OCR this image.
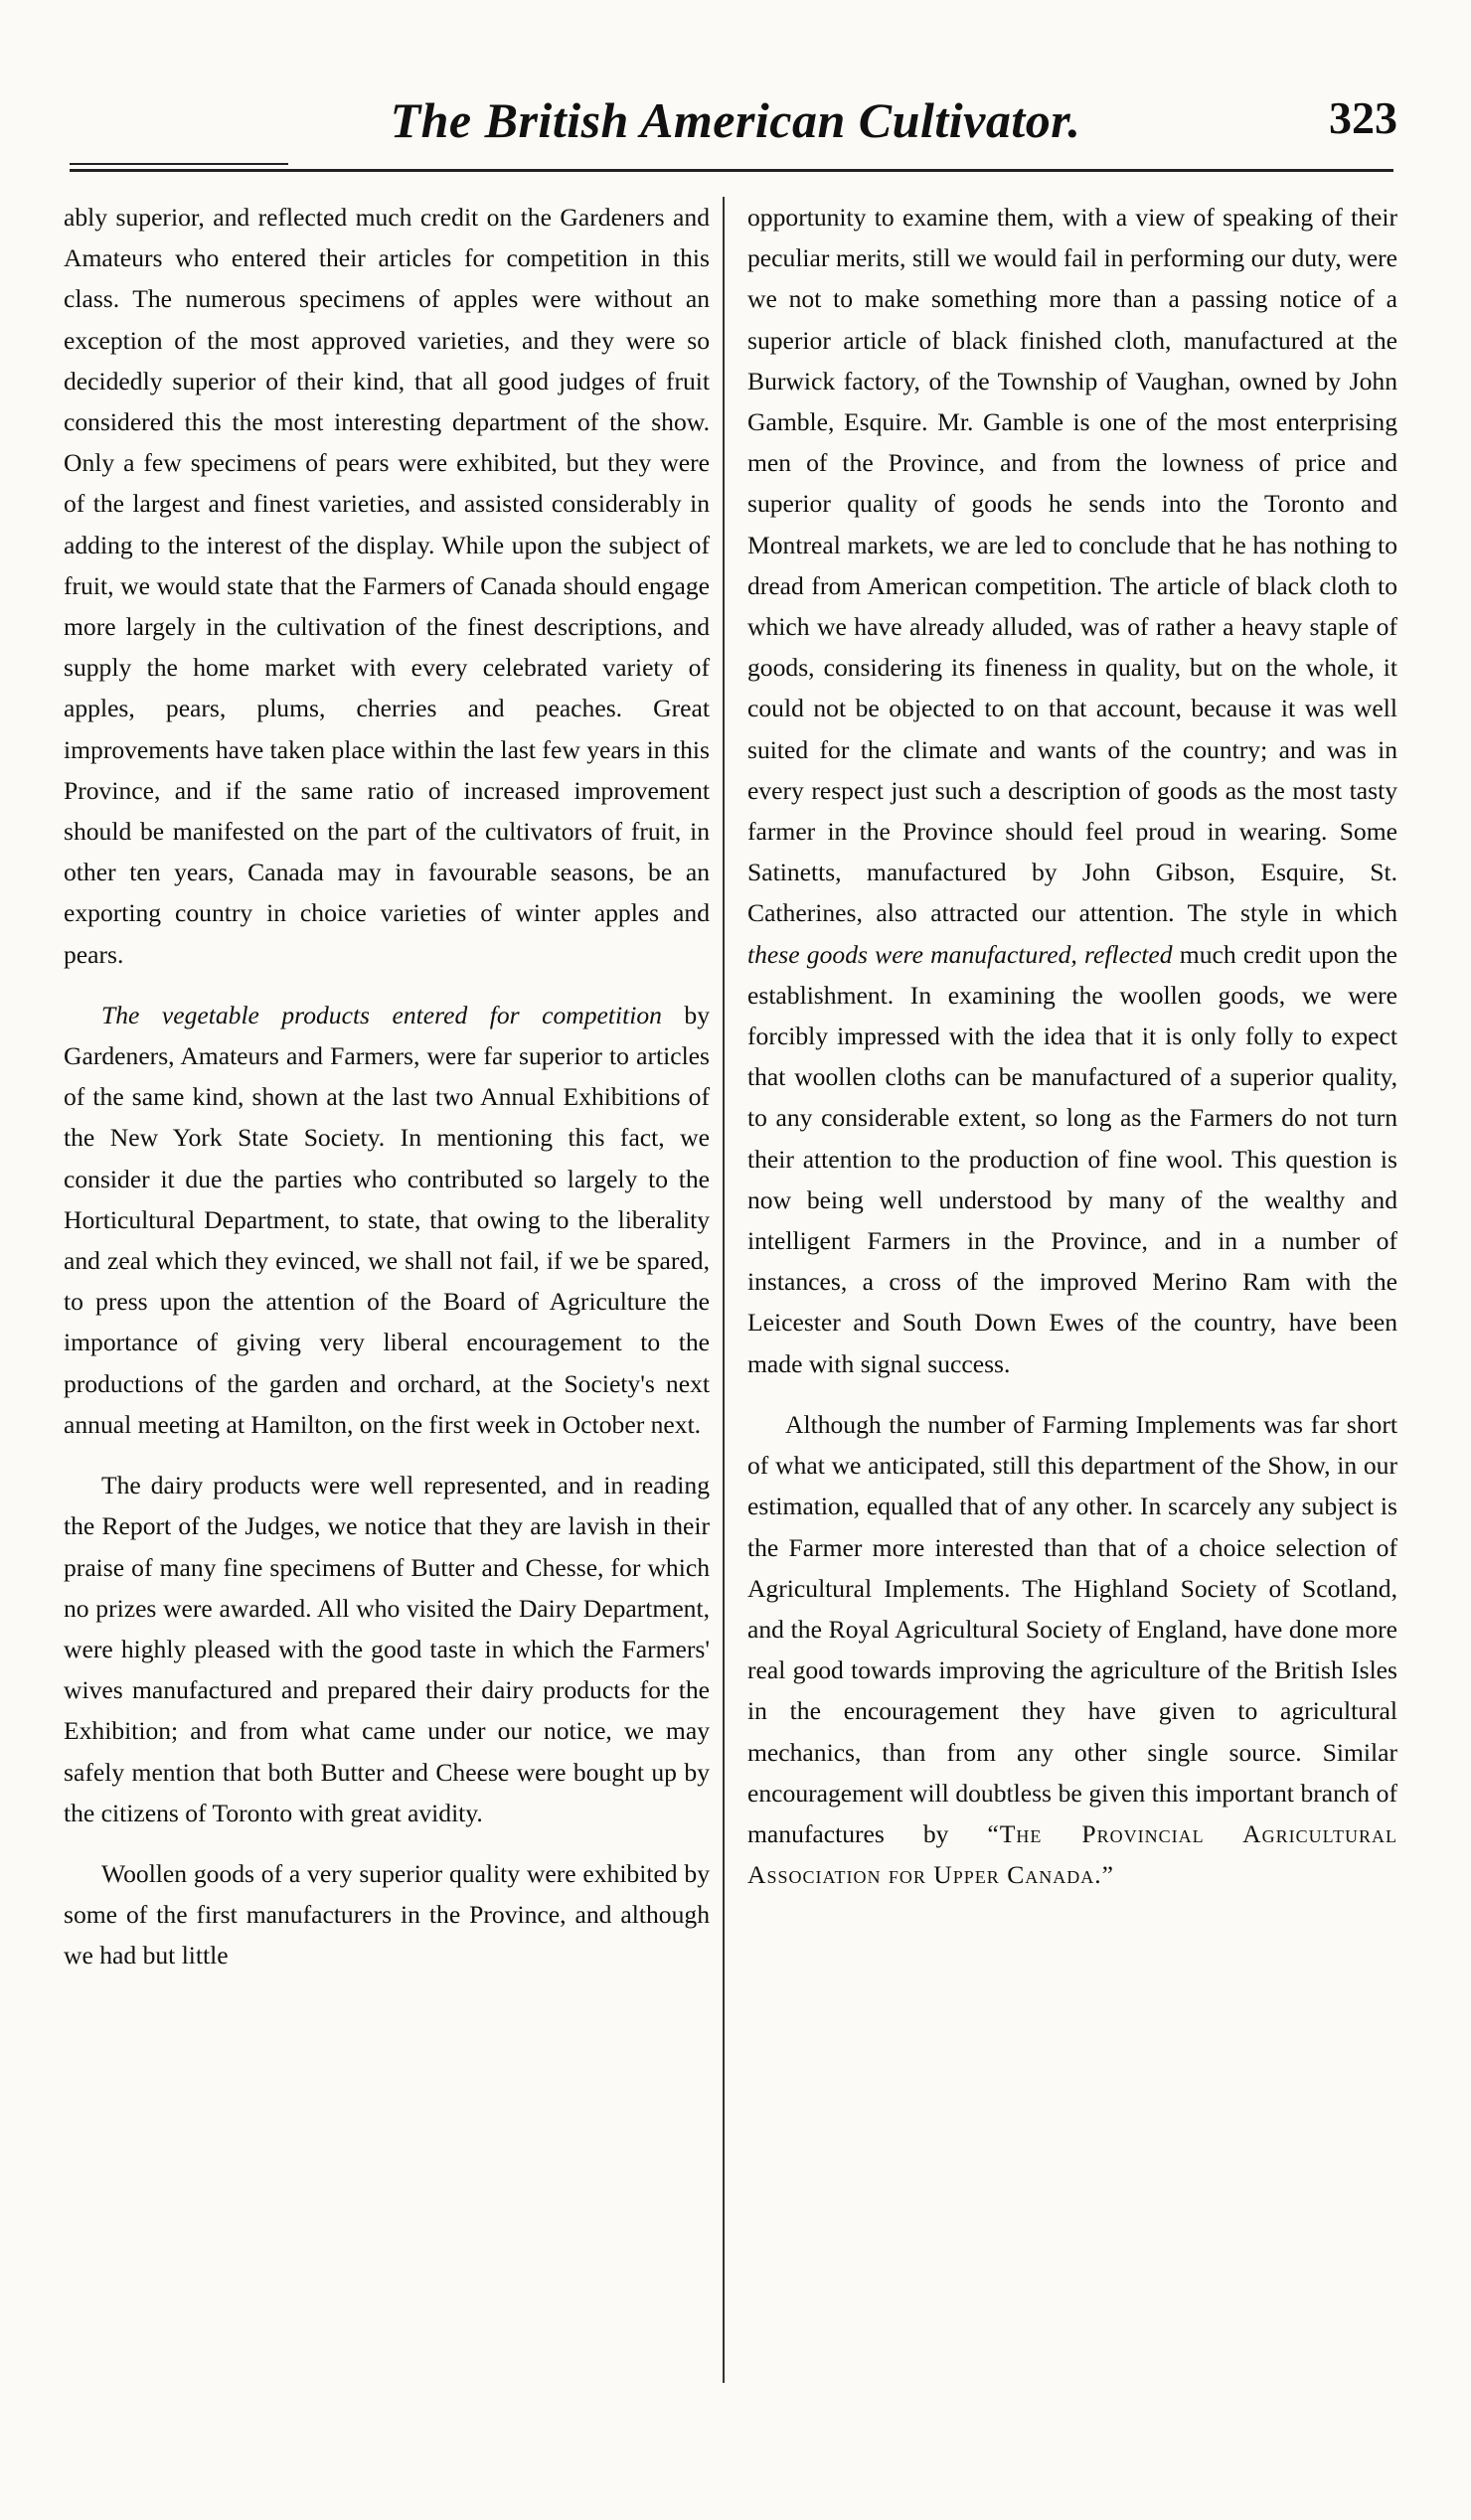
The British American Cultivator.	323

ably superior, and reflected much credit on the Gardeners and Amateurs who entered their articles for competition in this class. The numerous specimens of apples were without an exception of the most approved varieties, and they were so decidedly superior of their kind, that all good judges of fruit considered this the most interesting department of the show. Only a few specimens of pears were exhibited, but they were of the largest and finest varieties, and assisted considerably in adding to the interest of the display. While upon the subject of fruit, we would state that the Farmers of Canada should engage more largely in the cultivation of the finest descriptions, and supply the home market with every celebrated variety of apples, pears, plums, cherries and peaches. Great improvements have taken place within the last few years in this Province, and if the same ratio of increased improvement should be manifested on the part of the cultivators of fruit, in other ten years, Canada may in favourable seasons, be an exporting country in choice varieties of winter apples and pears.

The vegetable products entered for competition by Gardeners, Amateurs and Farmers, were far superior to articles of the same kind, shown at the last two Annual Exhibitions of the New York State Society. In mentioning this fact, we consider it due the parties who contributed so largely to the Horticultural Department, to state, that owing to the liberality and zeal which they evinced, we shall not fail, if we be spared, to press upon the attention of the Board of Agriculture the importance of giving very liberal encouragement to the productions of the garden and orchard, at the Society's next annual meeting at Hamilton, on the first week in October next.

The dairy products were well represented, and in reading the Report of the Judges, we notice that they are lavish in their praise of many fine specimens of Butter and Chesse, for which no prizes were awarded. All who visited the Dairy Department, were highly pleased with the good taste in which the Farmers' wives manufactured and prepared their dairy products for the Exhibition; and from what came under our notice, we may safely mention that both Butter and Cheese were bought up by the citizens of Toronto with great avidity.

Woollen goods of a very superior quality were exhibited by some of the first manufacturers in the Province, and although we had but little

opportunity to examine them, with a view of speaking of their peculiar merits, still we would fail in performing our duty, were we not to make something more than a passing notice of a superior article of black finished cloth, manufactured at the Burwick factory, of the Township of Vaughan, owned by John Gamble, Esquire. Mr. Gamble is one of the most enterprising men of the Province, and from the lowness of price and superior quality of goods he sends into the Toronto and Montreal markets, we are led to conclude that he has nothing to dread from American competition. The article of black cloth to which we have already alluded, was of rather a heavy staple of goods, considering its fineness in quality, but on the whole, it could not be objected to on that account, because it was well suited for the climate and wants of the country; and was in every respect just such a description of goods as the most tasty farmer in the Province should feel proud in wearing. Some Satinetts, manufactured by John Gibson, Esquire, St. Catherines, also attracted our attention. The style in which these goods were manufactured, reflected much credit upon the establishment. In examining the woollen goods, we were forcibly impressed with the idea that it is only folly to expect that woollen cloths can be manufactured of a superior quality, to any considerable extent, so long as the Farmers do not turn their attention to the production of fine wool. This question is now being well understood by many of the wealthy and intelligent Farmers in the Province, and in a number of instances, a cross of the improved Merino Ram with the Leicester and South Down Ewes of the country, have been made with signal success.

Although the number of Farming Implements was far short of what we anticipated, still this department of the Show, in our estimation, equalled that of any other. In scarcely any subject is the Farmer more interested than that of a choice selection of Agricultural Implements. The Highland Society of Scotland, and the Royal Agricultural Society of England, have done more real good towards improving the agriculture of the British Isles in the encouragement they have given to agricultural mechanics, than from any other single source. Similar encouragement will doubtless be given this important branch of manufactures by “The Provincial Agricultural Association for Upper Canada.”
